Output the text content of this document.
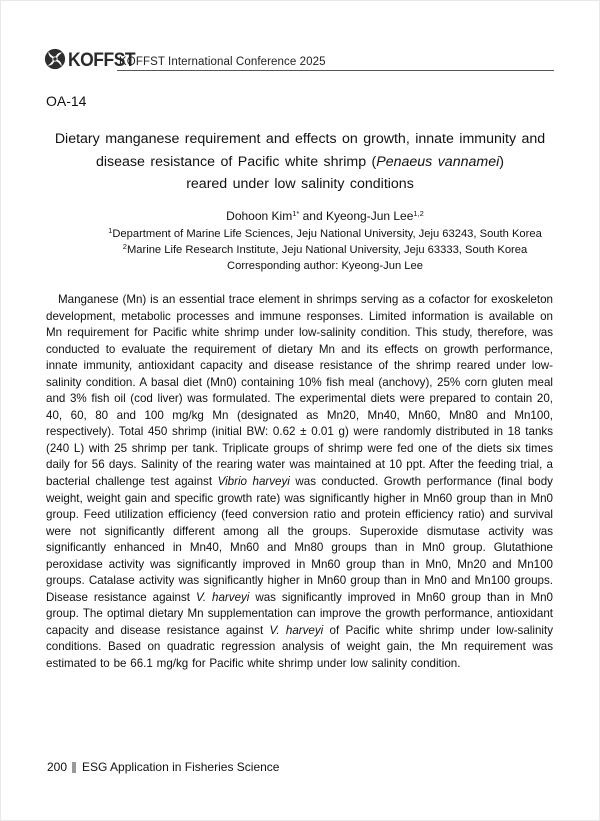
KOFFST
KOFFST International Conference 2025
OA-14
Dietary manganese requirement and effects on growth, innate immunity and
disease resistance of Pacific white shrimp (Penaeus vannamei)
reared under low salinity conditions
Dohoon Kim$^{1*}$ and Kyeong-Jun Lee$^{1,2}$
$^1$Department of Marine Life Sciences, Jeju National University, Jeju 63243, South Korea
$^2$Marine Life Research Institute, Jeju National University, Jeju 63333, South Korea
Corresponding author: Kyeong-Jun Lee
Manganese (Mn) is an essential trace element in shrimps serving as a cofactor for exoskeleton development, metabolic processes and immune responses. Limited information is available on Mn requirement for Pacific white shrimp under low-salinity condition. This study, therefore, was conducted to evaluate the requirement of dietary Mn and its effects on growth performance, innate immunity, antioxidant capacity and disease resistance of the shrimp reared under low-salinity condition. A basal diet (Mn0) containing 10% fish meal (anchovy), 25% corn gluten meal and 3% fish oil (cod liver) was formulated. The experimental diets were prepared to contain 20, 40, 60, 80 and 100 mg/kg Mn (designated as Mn20, Mn40, Mn60, Mn80 and Mn100, respectively). Total 450 shrimp (initial BW: 0.62 ± 0.01 g) were randomly distributed in 18 tanks (240 L) with 25 shrimp per tank. Triplicate groups of shrimp were fed one of the diets six times daily for 56 days. Salinity of the rearing water was maintained at 10 ppt. After the feeding trial, a bacterial challenge test against Vibrio harveyi was conducted. Growth performance (final body weight, weight gain and specific growth rate) was significantly higher in Mn60 group than in Mn0 group. Feed utilization efficiency (feed conversion ratio and protein efficiency ratio) and survival were not significantly different among all the groups. Superoxide dismutase activity was significantly enhanced in Mn40, Mn60 and Mn80 groups than in Mn0 group. Glutathione peroxidase activity was significantly improved in Mn60 group than in Mn0, Mn20 and Mn100 groups. Catalase activity was significantly higher in Mn60 group than in Mn0 and Mn100 groups. Disease resistance against V. harveyi was significantly improved in Mn60 group than in Mn0 group. The optimal dietary Mn supplementation can improve the growth performance, antioxidant capacity and disease resistance against V. harveyi of Pacific white shrimp under low-salinity conditions. Based on quadratic regression analysis of weight gain, the Mn requirement was estimated to be 66.1 mg/kg for Pacific white shrimp under low salinity condition.
200 ESG Application in Fisheries Science
